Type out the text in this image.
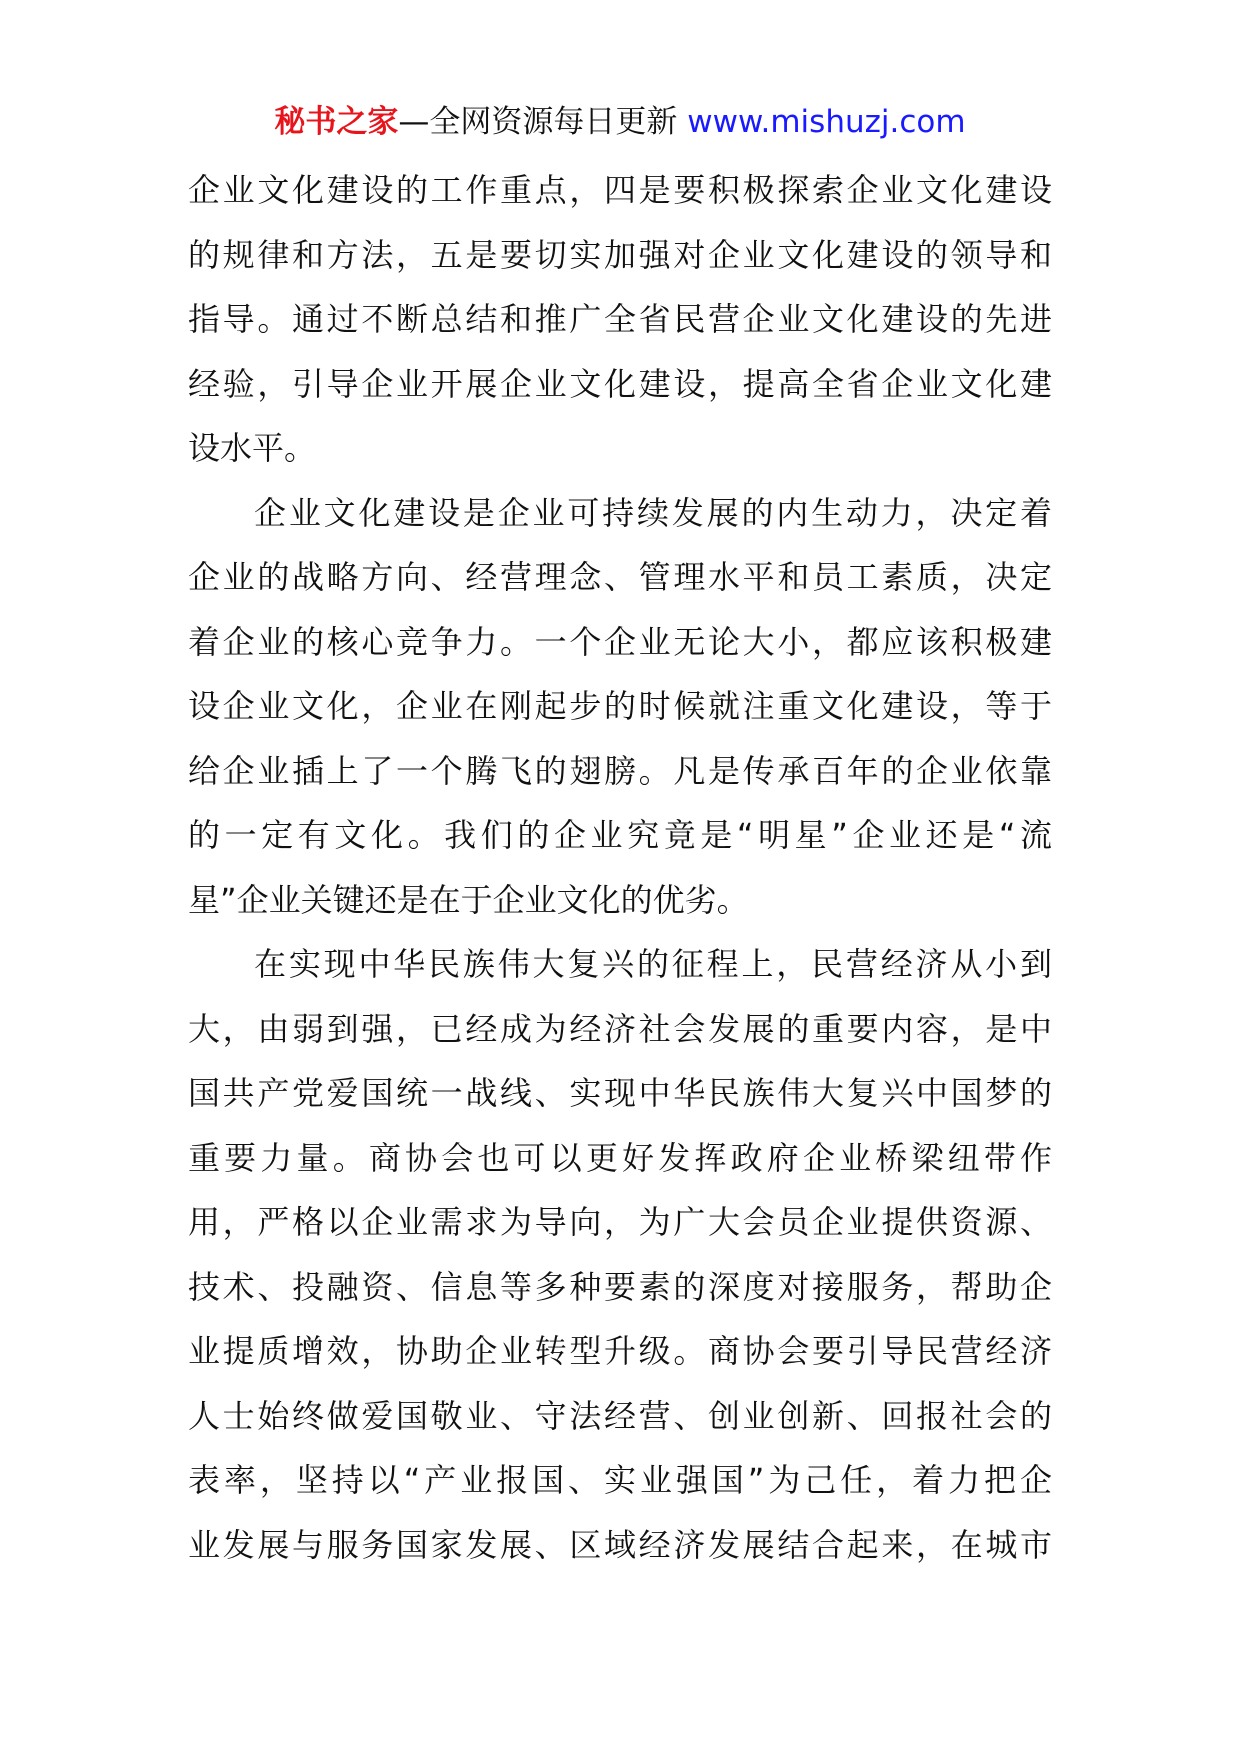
秘书之家—全网资源每日更新 www.mishuzj.com
企业文化建设的工作重点，四是要积极探索企业文化建设
的规律和方法，五是要切实加强对企业文化建设的领导和
指导。通过不断总结和推广全省民营企业文化建设的先进
经验，引导企业开展企业文化建设，提高全省企业文化建
设水平。
企业文化建设是企业可持续发展的内生动力，决定着
企业的战略方向、经营理念、管理水平和员工素质，决定
着企业的核心竞争力。一个企业无论大小，都应该积极建
设企业文化，企业在刚起步的时候就注重文化建设，等于
给企业插上了一个腾飞的翅膀。凡是传承百年的企业依靠
的一定有文化。我们的企业究竟是“明星”企业还是“流
星”企业关键还是在于企业文化的优劣。
在实现中华民族伟大复兴的征程上，民营经济从小到
大，由弱到强，已经成为经济社会发展的重要内容，是中
国共产党爱国统一战线、实现中华民族伟大复兴中国梦的
重要力量。商协会也可以更好发挥政府企业桥梁纽带作
用，严格以企业需求为导向，为广大会员企业提供资源、
技术、投融资、信息等多种要素的深度对接服务，帮助企
业提质增效，协助企业转型升级。商协会要引导民营经济
人士始终做爱国敬业、守法经营、创业创新、回报社会的
表率，坚持以“产业报国、实业强国”为己任，着力把企
业发展与服务国家发展、区域经济发展结合起来，在城市
